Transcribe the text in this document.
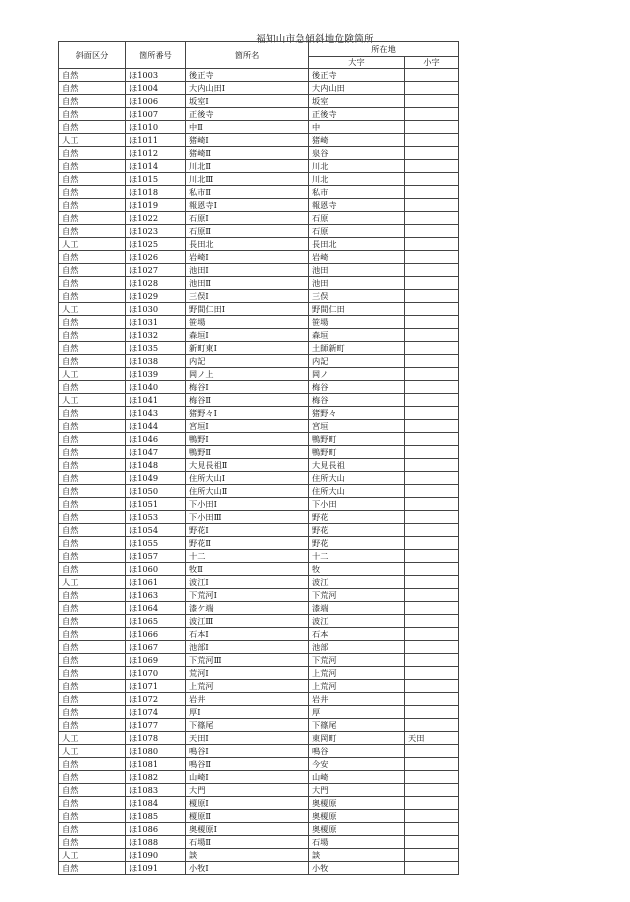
福知山市急傾斜地危険箇所
斜面区分	箇所番号	箇所名	所在地	
			大字	小字
自然	ほ1003	後正寺	後正寺	
自然	ほ1004	大内山田Ⅰ	大内山田	
自然	ほ1006	坂室Ⅰ	坂室	
自然	ほ1007	正後寺	正後寺	
自然	ほ1010	中Ⅱ	中	
人工	ほ1011	猪崎Ⅰ	猪崎	
自然	ほ1012	猪崎Ⅱ	泉谷	
自然	ほ1014	川北Ⅱ	川北	
自然	ほ1015	川北Ⅲ	川北	
自然	ほ1018	私市Ⅱ	私市	
自然	ほ1019	報恩寺Ⅰ	報恩寺	
自然	ほ1022	石原Ⅰ	石原	
自然	ほ1023	石原Ⅱ	石原	
人工	ほ1025	長田北	長田北	
自然	ほ1026	岩崎Ⅰ	岩崎	
自然	ほ1027	池田Ⅰ	池田	
自然	ほ1028	池田Ⅱ	池田	
自然	ほ1029	三俣Ⅰ	三俣	
人工	ほ1030	野間仁田Ⅰ	野間仁田	
自然	ほ1031	笹場	笹場	
自然	ほ1032	森垣Ⅰ	森垣	
自然	ほ1035	新町東Ⅰ	土師新町	
自然	ほ1038	内記	内記	
人工	ほ1039	岡ノ上	岡ノ	
自然	ほ1040	梅谷Ⅰ	梅谷	
人工	ほ1041	梅谷Ⅱ	梅谷	
自然	ほ1043	猪野々Ⅰ	猪野々	
自然	ほ1044	宮垣Ⅰ	宮垣	
自然	ほ1046	鴨野Ⅰ	鴨野町	
自然	ほ1047	鴨野Ⅱ	鴨野町	
自然	ほ1048	大見長祖Ⅱ	大見長祖	
自然	ほ1049	住所大山Ⅰ	住所大山	
自然	ほ1050	住所大山Ⅱ	住所大山	
自然	ほ1051	下小田Ⅰ	下小田	
自然	ほ1053	下小田Ⅲ	野花	
自然	ほ1054	野花Ⅰ	野花	
自然	ほ1055	野花Ⅱ	野花	
自然	ほ1057	十二	十二	
自然	ほ1060	牧Ⅱ	牧	
人工	ほ1061	波江Ⅰ	波江	
自然	ほ1063	下荒河Ⅰ	下荒河	
自然	ほ1064	漆ケ端	漆端	
自然	ほ1065	波江Ⅲ	波江	
自然	ほ1066	石本Ⅰ	石本	
自然	ほ1067	池部Ⅰ	池部	
自然	ほ1069	下荒河Ⅲ	下荒河	
自然	ほ1070	荒河Ⅰ	上荒河	
自然	ほ1071	上荒河	上荒河	
自然	ほ1072	岩井	岩井	
自然	ほ1074	厚Ⅰ	厚	
自然	ほ1077	下篠尾	下篠尾	
人工	ほ1078	天田Ⅰ	東岡町	天田
人工	ほ1080	鳴谷Ⅰ	鳴谷	
自然	ほ1081	鳴谷Ⅱ	今安	
自然	ほ1082	山崎Ⅰ	山崎	
自然	ほ1083	大門	大門	
自然	ほ1084	榎原Ⅰ	奥榎原	
自然	ほ1085	榎原Ⅱ	奥榎原	
自然	ほ1086	奥榎原Ⅰ	奥榎原	
自然	ほ1088	石場Ⅱ	石場	
人工	ほ1090	談	談	
自然	ほ1091	小牧Ⅰ	小牧	
